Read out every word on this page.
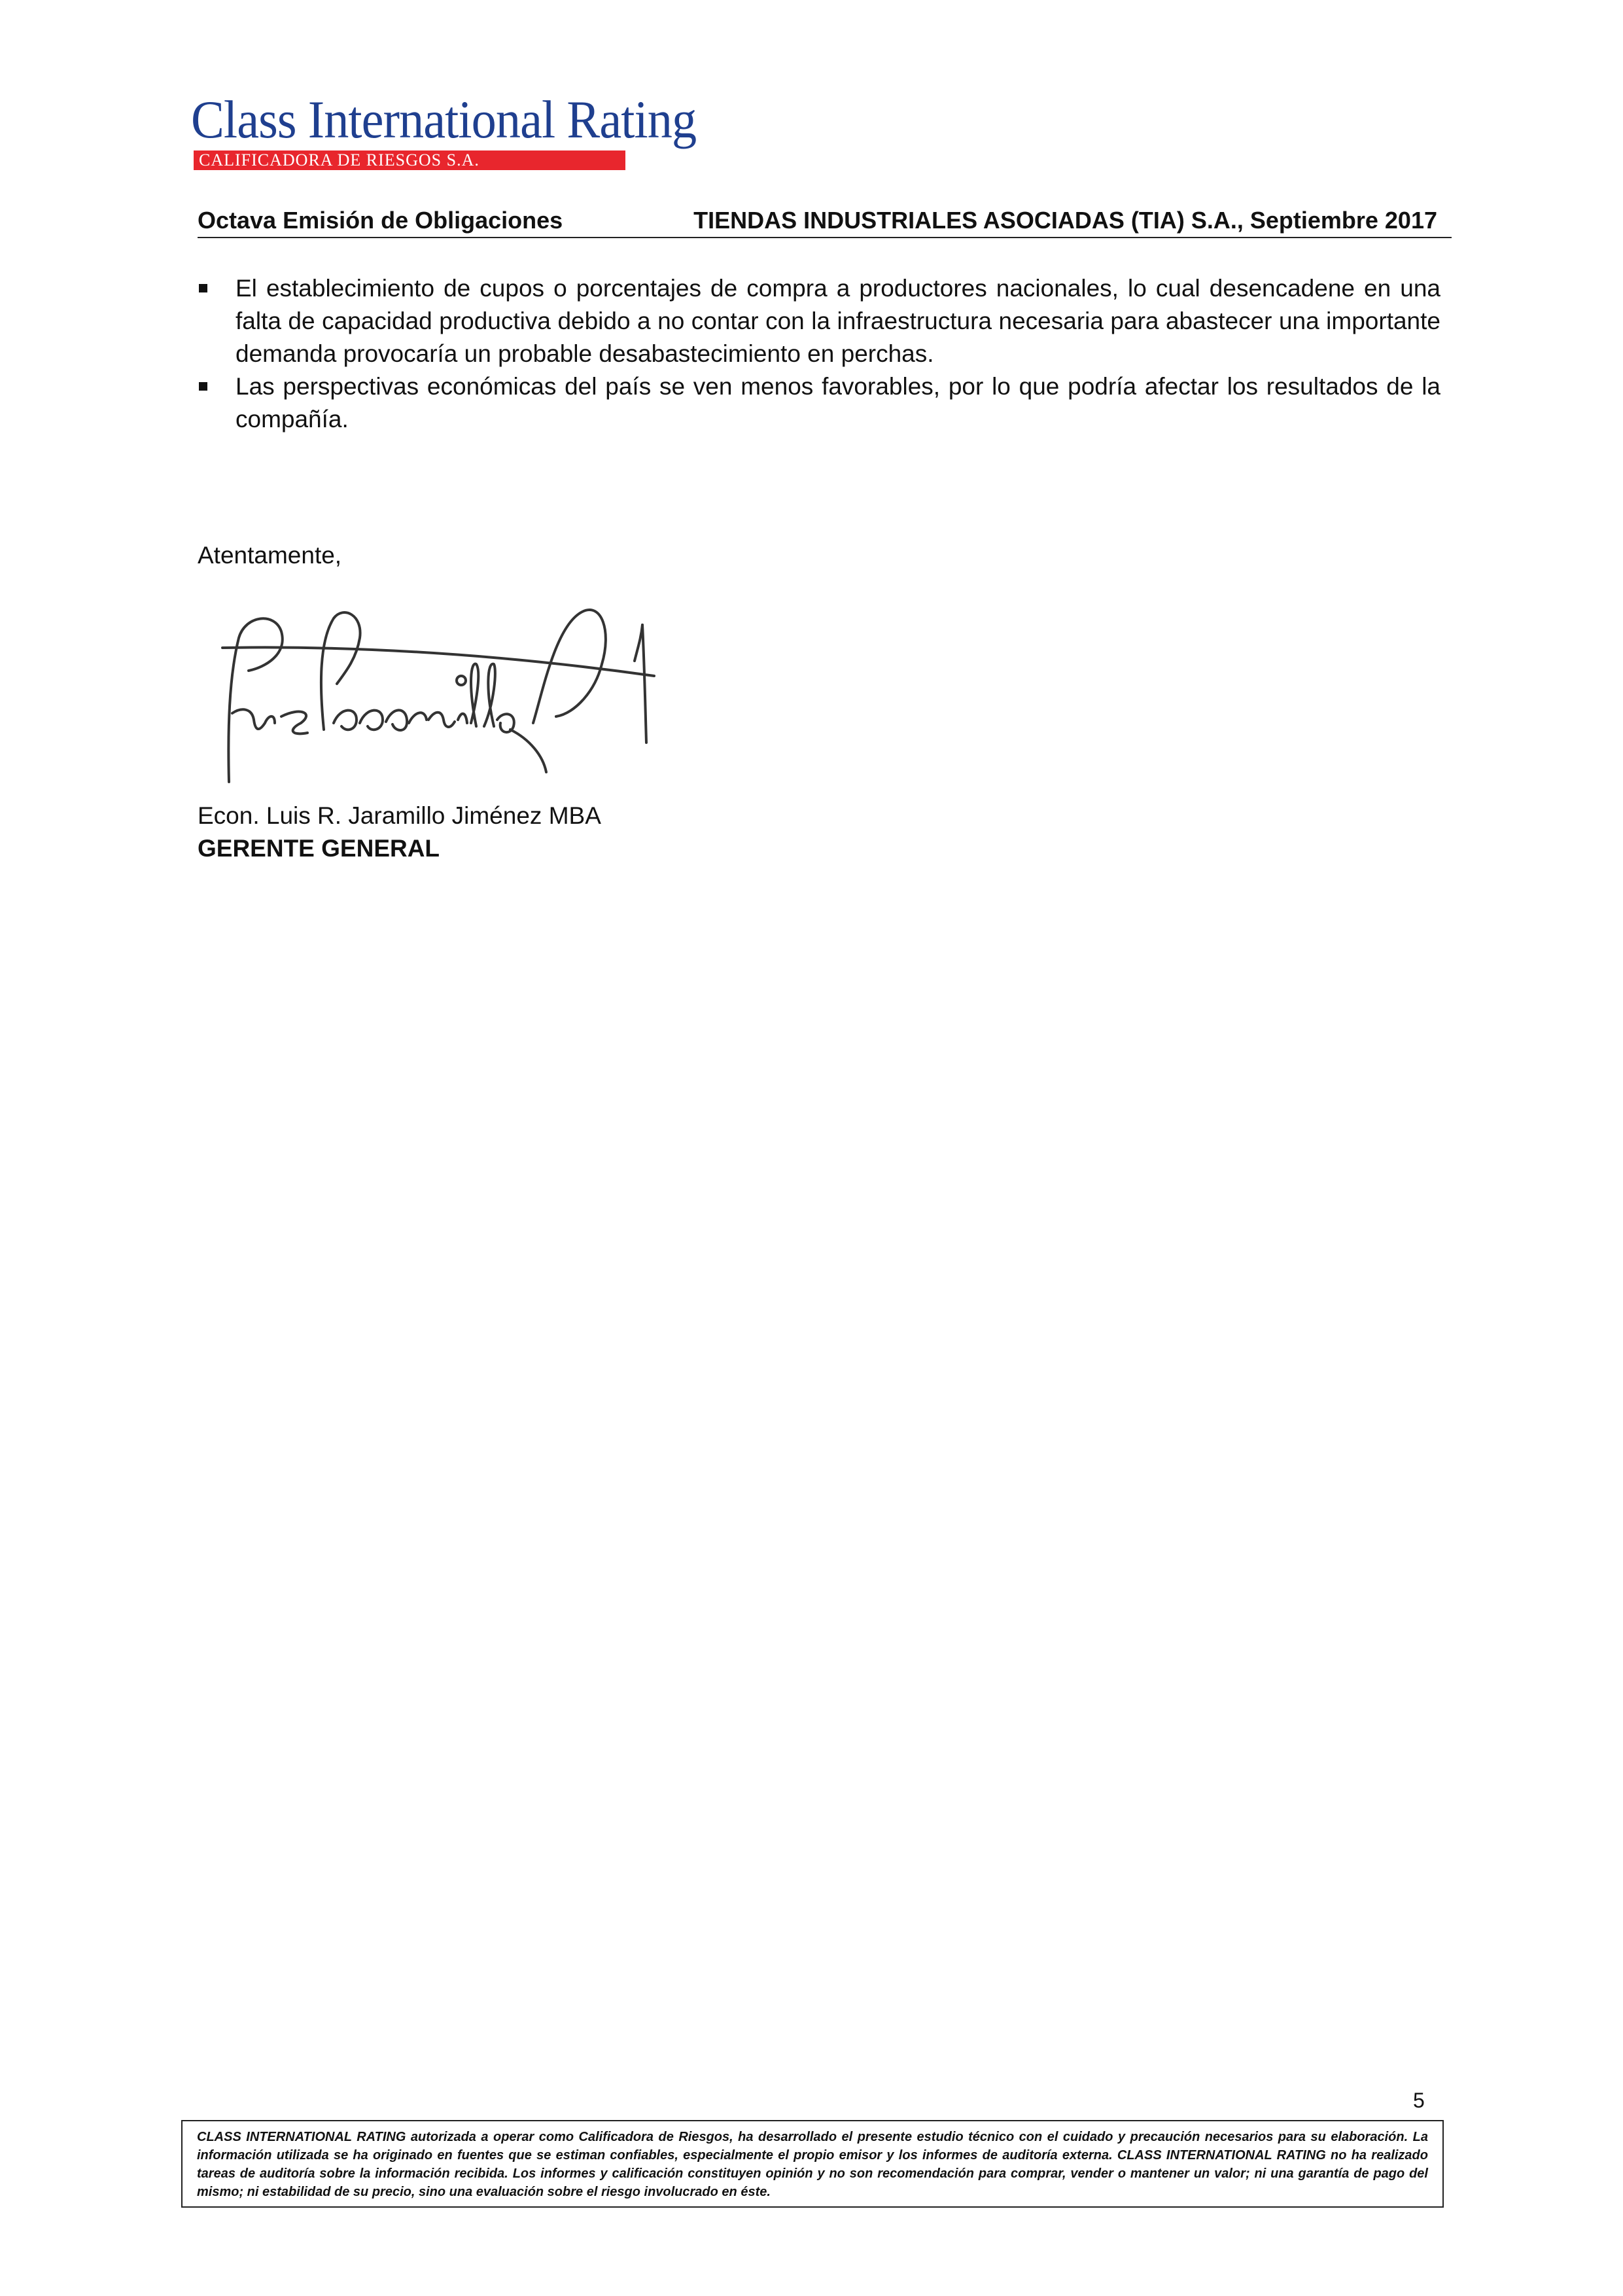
Class International Rating
CALIFICADORA DE RIESGOS S.A.
Octava Emisión de Obligaciones	TIENDAS INDUSTRIALES ASOCIADAS (TIA) S.A., Septiembre 2017
El establecimiento de cupos o porcentajes de compra a productores nacionales, lo cual desencadene en una falta de capacidad productiva debido a no contar con la infraestructura necesaria para abastecer una importante demanda provocaría un probable desabastecimiento en perchas.
Las perspectivas económicas del país se ven menos favorables, por lo que podría afectar los resultados de la compañía.
Atentamente,
Econ. Luis R. Jaramillo Jiménez MBA
GERENTE GENERAL
5
CLASS INTERNATIONAL RATING autorizada a operar como Calificadora de Riesgos, ha desarrollado el presente estudio técnico con el cuidado y precaución necesarios para su elaboración. La información utilizada se ha originado en fuentes que se estiman confiables, especialmente el propio emisor y los informes de auditoría externa. CLASS INTERNATIONAL RATING no ha realizado tareas de auditoría sobre la información recibida. Los informes y calificación constituyen opinión y no son recomendación para comprar, vender o mantener un valor; ni una garantía de pago del mismo; ni estabilidad de su precio, sino una evaluación sobre el riesgo involucrado en éste.
